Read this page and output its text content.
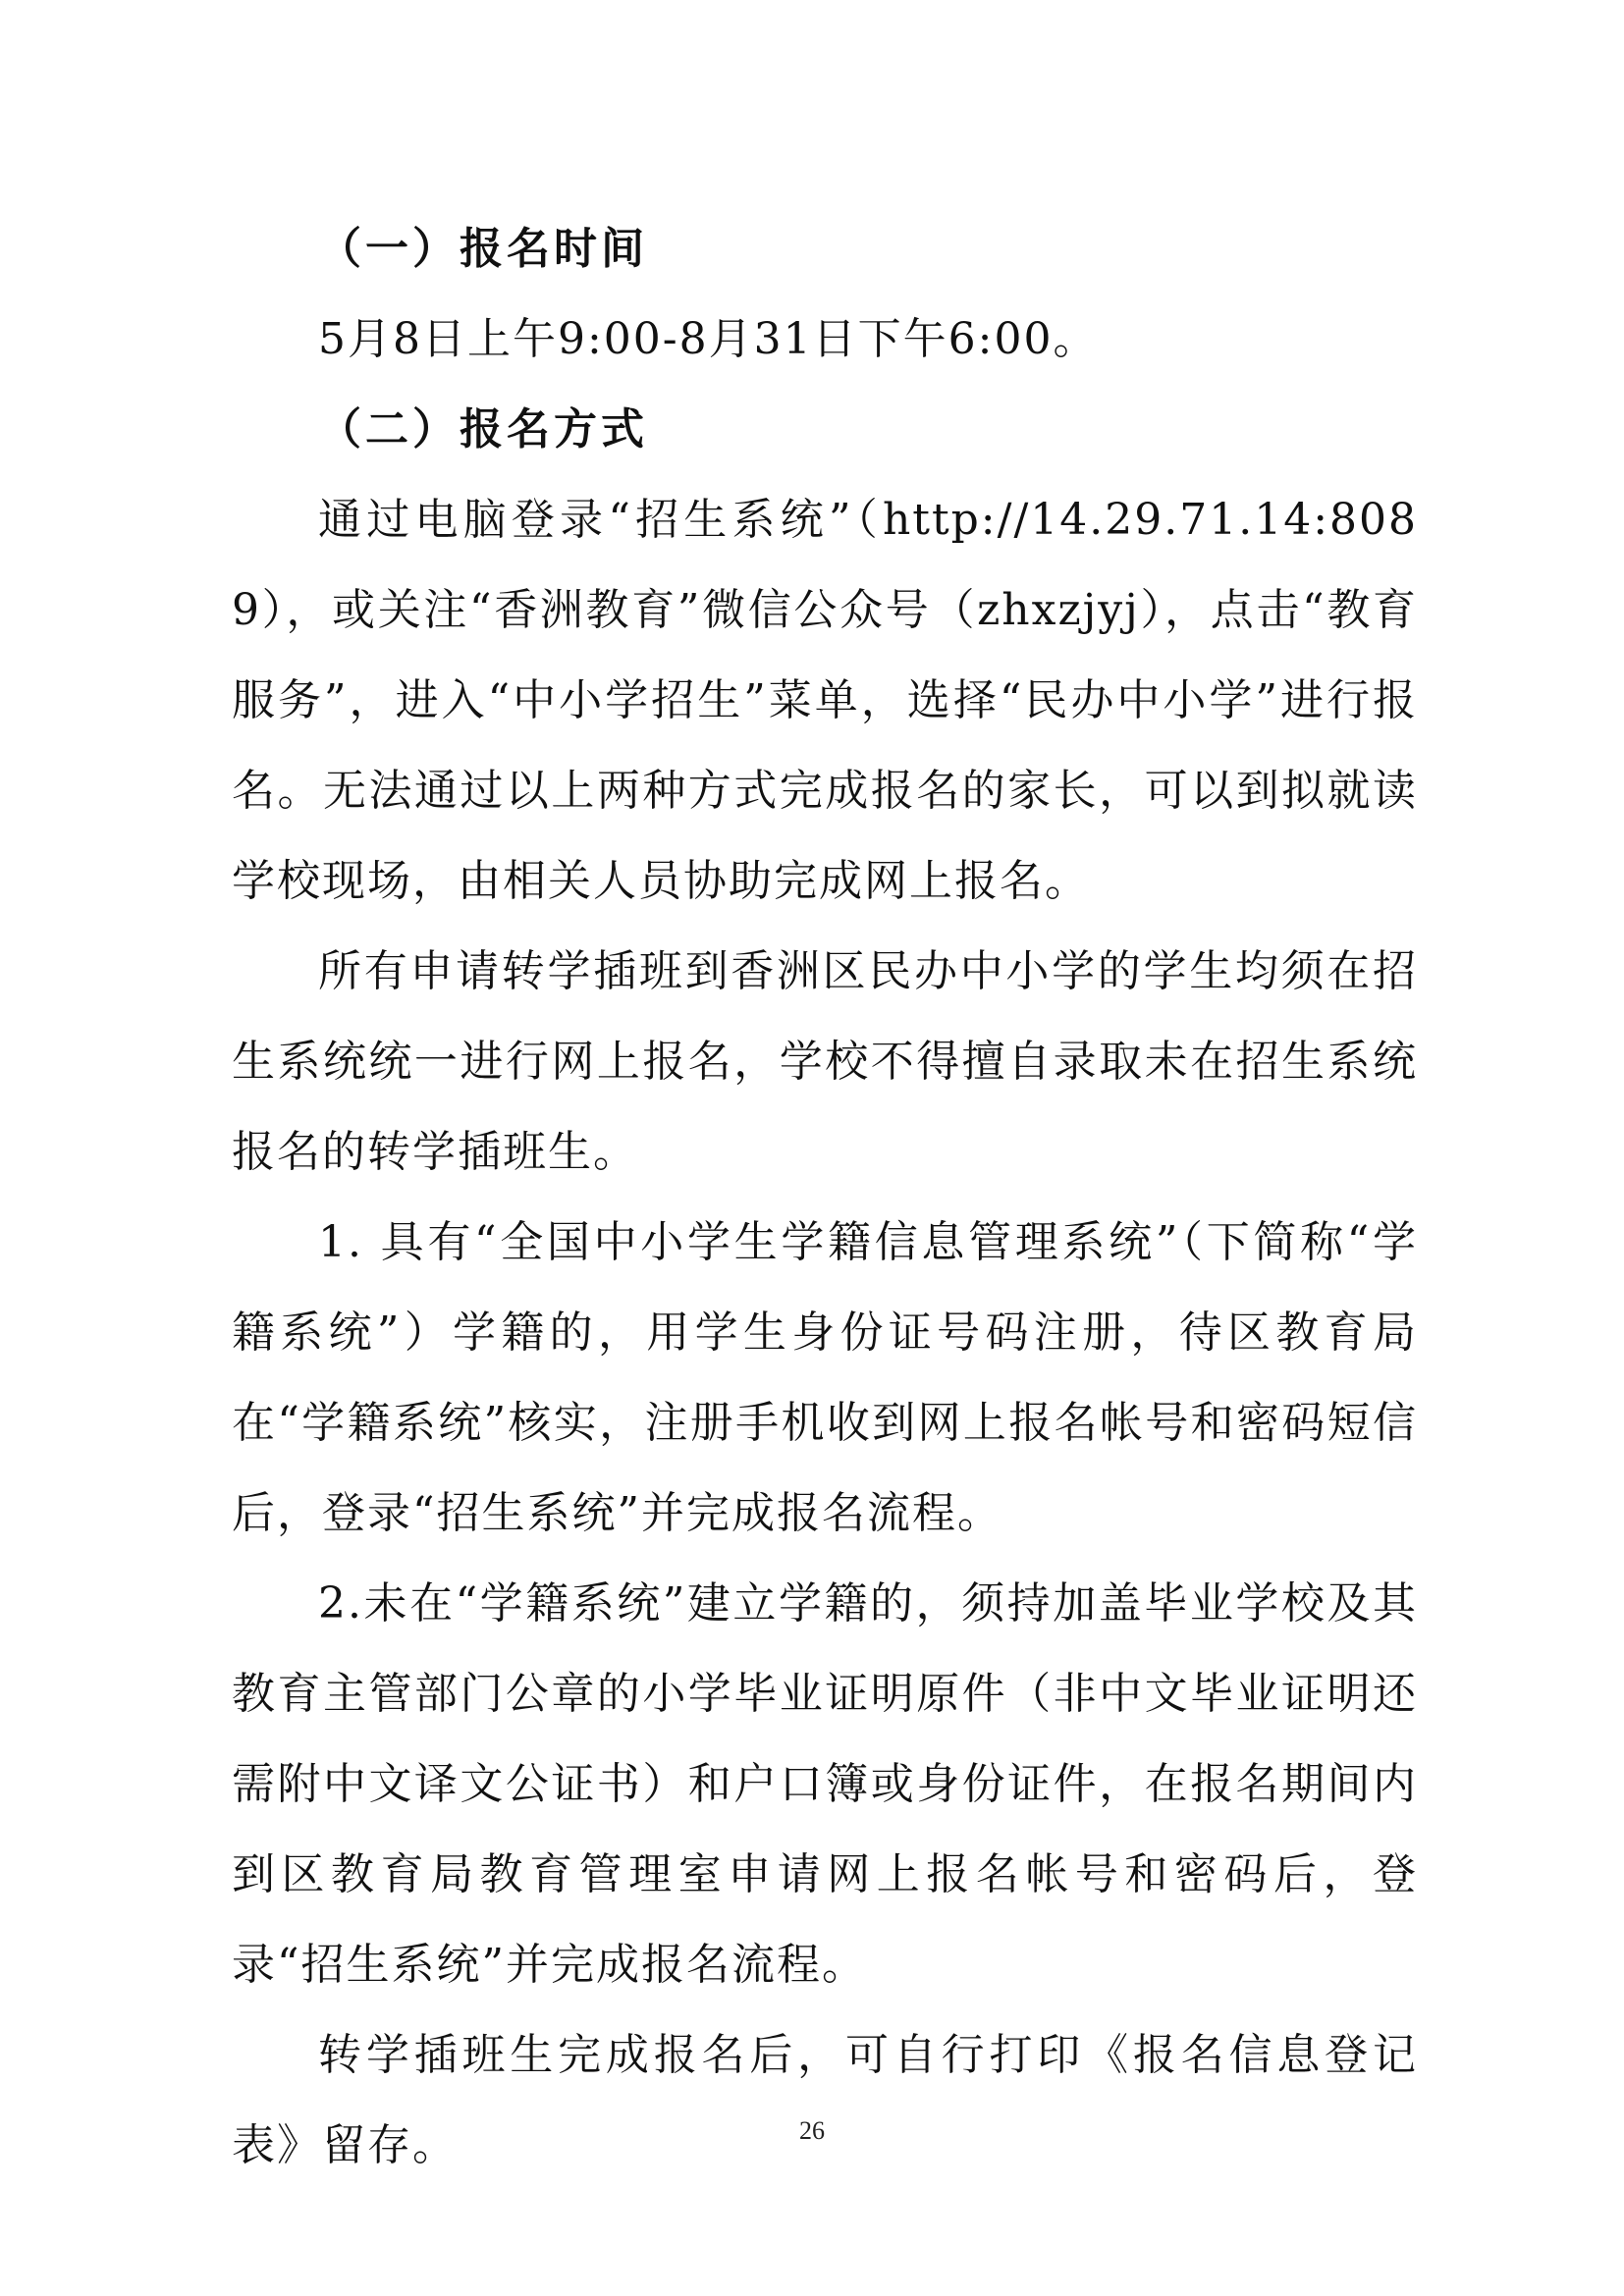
（一）报名时间

5月8日上午9:00-8月31日下午6:00。

（二）报名方式

通过电脑登录“招生系统”（http://14.29.71.14:8089），或关注“香洲教育”微信公众号（zhxzjyj），点击“教育服务”，进入“中小学招生”菜单，选择“民办中小学”进行报名。无法通过以上两种方式完成报名的家长，可以到拟就读学校现场，由相关人员协助完成网上报名。

所有申请转学插班到香洲区民办中小学的学生均须在招生系统统一进行网上报名，学校不得擅自录取未在招生系统报名的转学插班生。

1. 具有“全国中小学生学籍信息管理系统”（下简称“学籍系统”）学籍的，用学生身份证号码注册，待区教育局在“学籍系统”核实，注册手机收到网上报名帐号和密码短信后，登录“招生系统”并完成报名流程。

2.未在“学籍系统”建立学籍的，须持加盖毕业学校及其教育主管部门公章的小学毕业证明原件（非中文毕业证明还需附中文译文公证书）和户口簿或身份证件，在报名期间内到区教育局教育管理室申请网上报名帐号和密码后，登录“招生系统”并完成报名流程。

转学插班生完成报名后，可自行打印《报名信息登记表》留存。	26
